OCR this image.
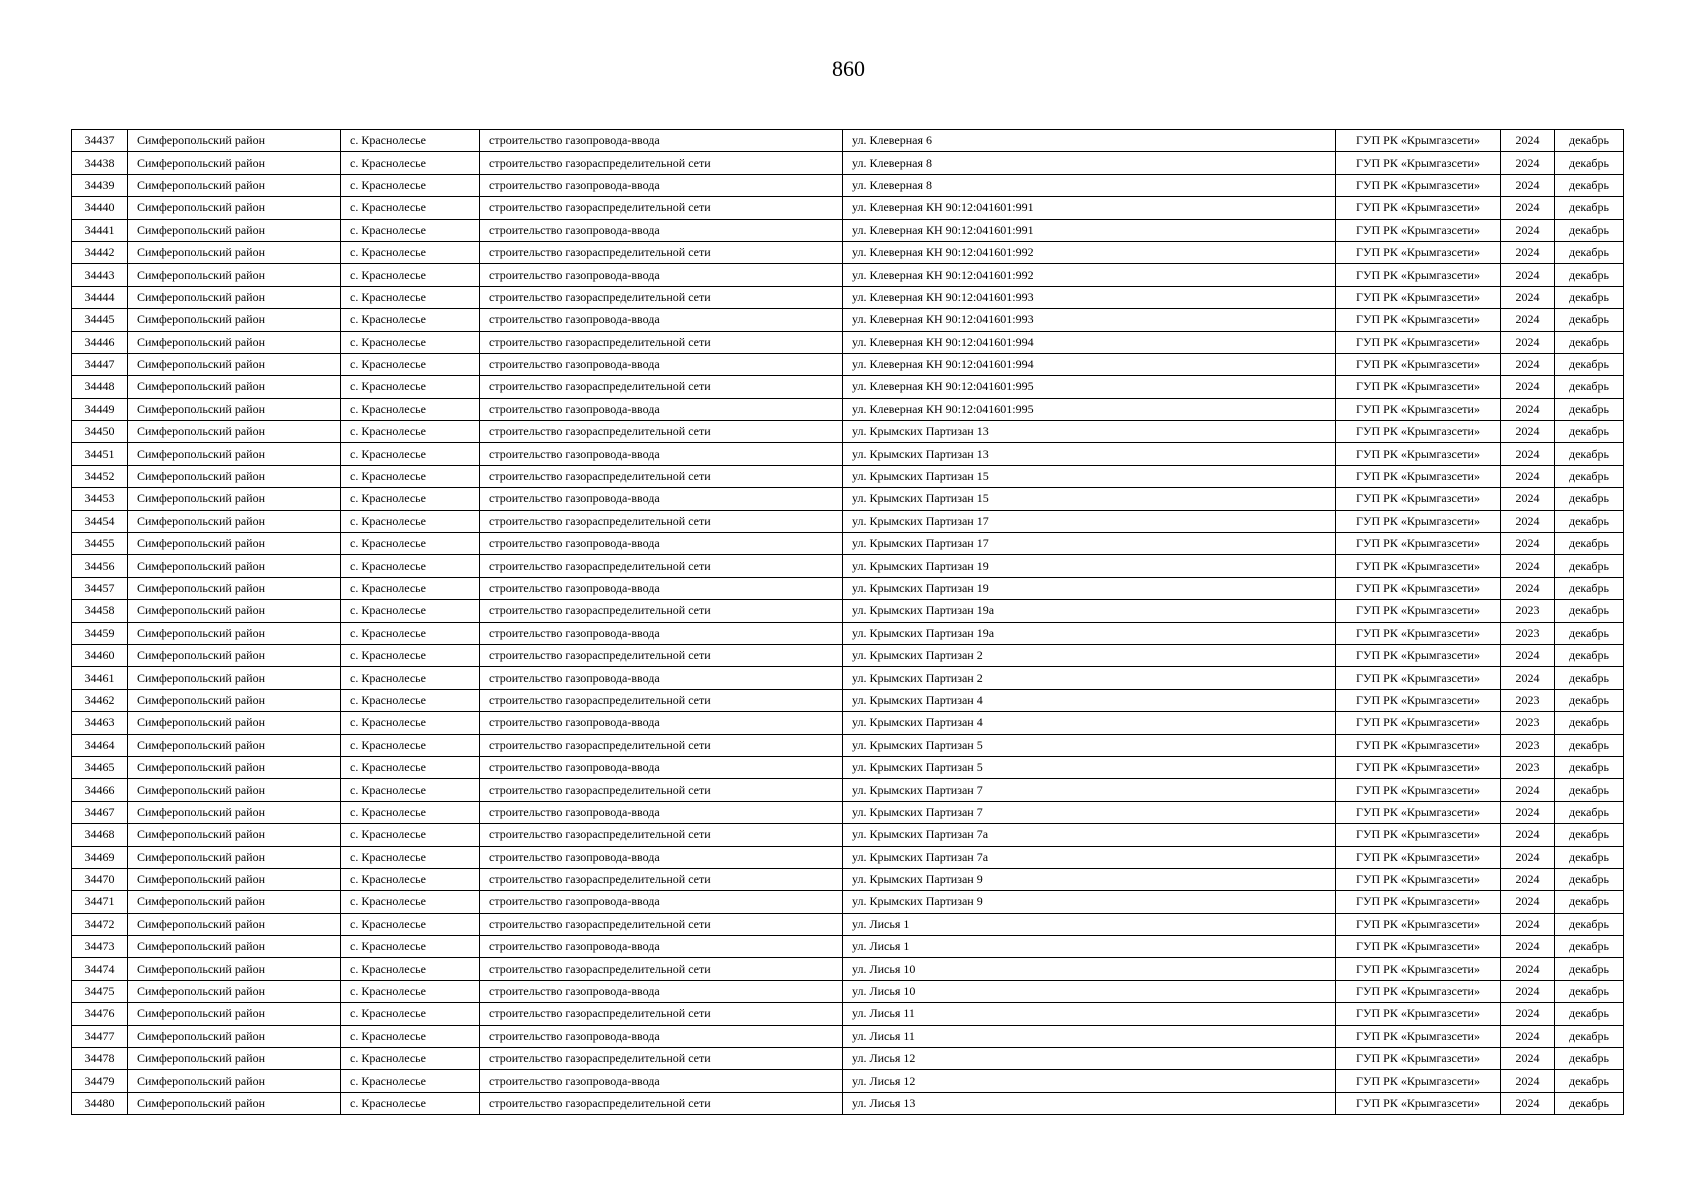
860
34437	Симферопольский район	с. Краснолесье	строительство газопровода-ввода	ул. Клеверная 6	ГУП РК «Крымгазсети»	2024	декабрь
34438	Симферопольский район	с. Краснолесье	строительство газораспределительной сети	ул. Клеверная 8	ГУП РК «Крымгазсети»	2024	декабрь
34439	Симферопольский район	с. Краснолесье	строительство газопровода-ввода	ул. Клеверная 8	ГУП РК «Крымгазсети»	2024	декабрь
34440	Симферопольский район	с. Краснолесье	строительство газораспределительной сети	ул. Клеверная КН 90:12:041601:991	ГУП РК «Крымгазсети»	2024	декабрь
34441	Симферопольский район	с. Краснолесье	строительство газопровода-ввода	ул. Клеверная КН 90:12:041601:991	ГУП РК «Крымгазсети»	2024	декабрь
34442	Симферопольский район	с. Краснолесье	строительство газораспределительной сети	ул. Клеверная КН 90:12:041601:992	ГУП РК «Крымгазсети»	2024	декабрь
34443	Симферопольский район	с. Краснолесье	строительство газопровода-ввода	ул. Клеверная КН 90:12:041601:992	ГУП РК «Крымгазсети»	2024	декабрь
34444	Симферопольский район	с. Краснолесье	строительство газораспределительной сети	ул. Клеверная КН 90:12:041601:993	ГУП РК «Крымгазсети»	2024	декабрь
34445	Симферопольский район	с. Краснолесье	строительство газопровода-ввода	ул. Клеверная КН 90:12:041601:993	ГУП РК «Крымгазсети»	2024	декабрь
34446	Симферопольский район	с. Краснолесье	строительство газораспределительной сети	ул. Клеверная КН 90:12:041601:994	ГУП РК «Крымгазсети»	2024	декабрь
34447	Симферопольский район	с. Краснолесье	строительство газопровода-ввода	ул. Клеверная КН 90:12:041601:994	ГУП РК «Крымгазсети»	2024	декабрь
34448	Симферопольский район	с. Краснолесье	строительство газораспределительной сети	ул. Клеверная КН 90:12:041601:995	ГУП РК «Крымгазсети»	2024	декабрь
34449	Симферопольский район	с. Краснолесье	строительство газопровода-ввода	ул. Клеверная КН 90:12:041601:995	ГУП РК «Крымгазсети»	2024	декабрь
34450	Симферопольский район	с. Краснолесье	строительство газораспределительной сети	ул. Крымских Партизан 13	ГУП РК «Крымгазсети»	2024	декабрь
34451	Симферопольский район	с. Краснолесье	строительство газопровода-ввода	ул. Крымских Партизан 13	ГУП РК «Крымгазсети»	2024	декабрь
34452	Симферопольский район	с. Краснолесье	строительство газораспределительной сети	ул. Крымских Партизан 15	ГУП РК «Крымгазсети»	2024	декабрь
34453	Симферопольский район	с. Краснолесье	строительство газопровода-ввода	ул. Крымских Партизан 15	ГУП РК «Крымгазсети»	2024	декабрь
34454	Симферопольский район	с. Краснолесье	строительство газораспределительной сети	ул. Крымских Партизан 17	ГУП РК «Крымгазсети»	2024	декабрь
34455	Симферопольский район	с. Краснолесье	строительство газопровода-ввода	ул. Крымских Партизан 17	ГУП РК «Крымгазсети»	2024	декабрь
34456	Симферопольский район	с. Краснолесье	строительство газораспределительной сети	ул. Крымских Партизан 19	ГУП РК «Крымгазсети»	2024	декабрь
34457	Симферопольский район	с. Краснолесье	строительство газопровода-ввода	ул. Крымских Партизан 19	ГУП РК «Крымгазсети»	2024	декабрь
34458	Симферопольский район	с. Краснолесье	строительство газораспределительной сети	ул. Крымских Партизан 19а	ГУП РК «Крымгазсети»	2023	декабрь
34459	Симферопольский район	с. Краснолесье	строительство газопровода-ввода	ул. Крымских Партизан 19а	ГУП РК «Крымгазсети»	2023	декабрь
34460	Симферопольский район	с. Краснолесье	строительство газораспределительной сети	ул. Крымских Партизан 2	ГУП РК «Крымгазсети»	2024	декабрь
34461	Симферопольский район	с. Краснолесье	строительство газопровода-ввода	ул. Крымских Партизан 2	ГУП РК «Крымгазсети»	2024	декабрь
34462	Симферопольский район	с. Краснолесье	строительство газораспределительной сети	ул. Крымских Партизан 4	ГУП РК «Крымгазсети»	2023	декабрь
34463	Симферопольский район	с. Краснолесье	строительство газопровода-ввода	ул. Крымских Партизан 4	ГУП РК «Крымгазсети»	2023	декабрь
34464	Симферопольский район	с. Краснолесье	строительство газораспределительной сети	ул. Крымских Партизан 5	ГУП РК «Крымгазсети»	2023	декабрь
34465	Симферопольский район	с. Краснолесье	строительство газопровода-ввода	ул. Крымских Партизан 5	ГУП РК «Крымгазсети»	2023	декабрь
34466	Симферопольский район	с. Краснолесье	строительство газораспределительной сети	ул. Крымских Партизан 7	ГУП РК «Крымгазсети»	2024	декабрь
34467	Симферопольский район	с. Краснолесье	строительство газопровода-ввода	ул. Крымских Партизан 7	ГУП РК «Крымгазсети»	2024	декабрь
34468	Симферопольский район	с. Краснолесье	строительство газораспределительной сети	ул. Крымских Партизан 7а	ГУП РК «Крымгазсети»	2024	декабрь
34469	Симферопольский район	с. Краснолесье	строительство газопровода-ввода	ул. Крымских Партизан 7а	ГУП РК «Крымгазсети»	2024	декабрь
34470	Симферопольский район	с. Краснолесье	строительство газораспределительной сети	ул. Крымских Партизан 9	ГУП РК «Крымгазсети»	2024	декабрь
34471	Симферопольский район	с. Краснолесье	строительство газопровода-ввода	ул. Крымских Партизан 9	ГУП РК «Крымгазсети»	2024	декабрь
34472	Симферопольский район	с. Краснолесье	строительство газораспределительной сети	ул. Лисья 1	ГУП РК «Крымгазсети»	2024	декабрь
34473	Симферопольский район	с. Краснолесье	строительство газопровода-ввода	ул. Лисья 1	ГУП РК «Крымгазсети»	2024	декабрь
34474	Симферопольский район	с. Краснолесье	строительство газораспределительной сети	ул. Лисья 10	ГУП РК «Крымгазсети»	2024	декабрь
34475	Симферопольский район	с. Краснолесье	строительство газопровода-ввода	ул. Лисья 10	ГУП РК «Крымгазсети»	2024	декабрь
34476	Симферопольский район	с. Краснолесье	строительство газораспределительной сети	ул. Лисья 11	ГУП РК «Крымгазсети»	2024	декабрь
34477	Симферопольский район	с. Краснолесье	строительство газопровода-ввода	ул. Лисья 11	ГУП РК «Крымгазсети»	2024	декабрь
34478	Симферопольский район	с. Краснолесье	строительство газораспределительной сети	ул. Лисья 12	ГУП РК «Крымгазсети»	2024	декабрь
34479	Симферопольский район	с. Краснолесье	строительство газопровода-ввода	ул. Лисья 12	ГУП РК «Крымгазсети»	2024	декабрь
34480	Симферопольский район	с. Краснолесье	строительство газораспределительной сети	ул. Лисья 13	ГУП РК «Крымгазсети»	2024	декабрь
